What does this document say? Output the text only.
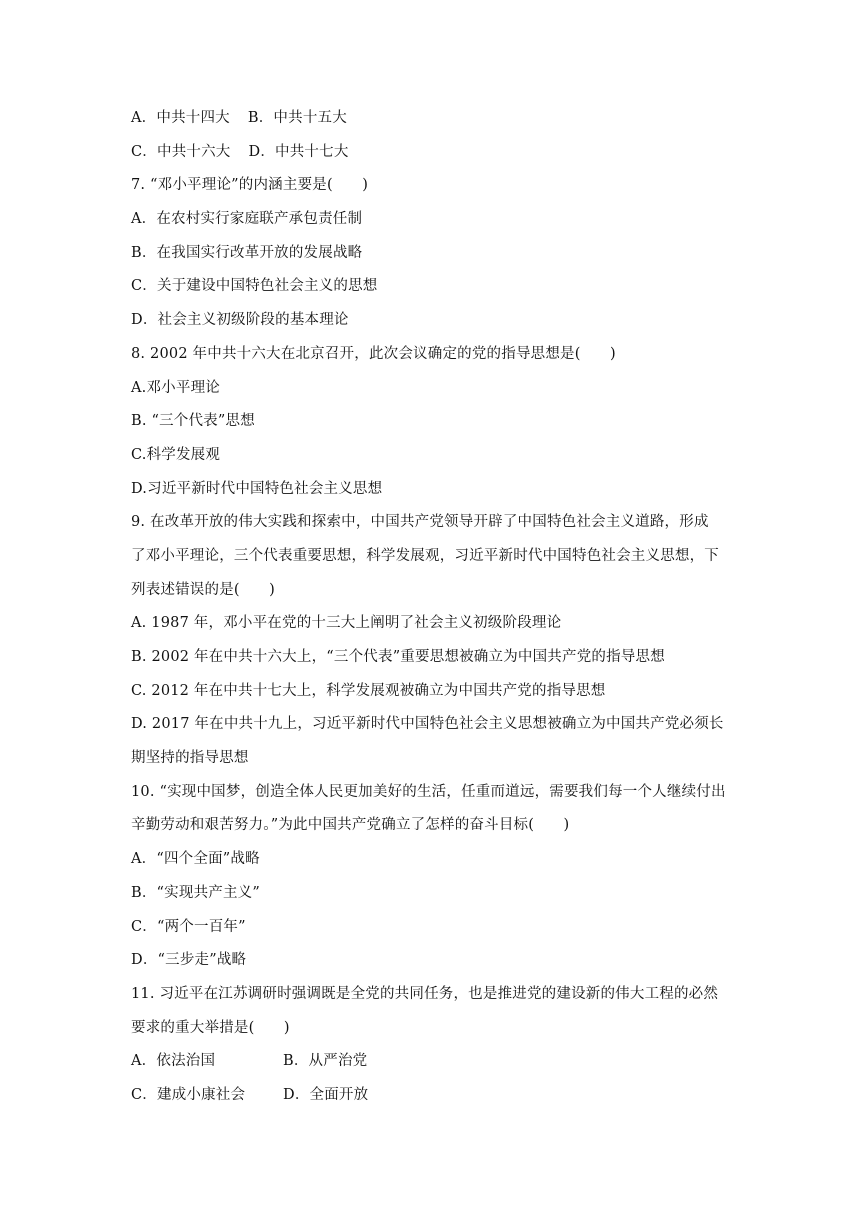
A．中共十四大 B．中共十五大
C．中共十六大 D．中共十七大
7. “邓小平理论”的内涵主要是(　　)
A．在农村实行家庭联产承包责任制
B．在我国实行改革开放的发展战略
C．关于建设中国特色社会主义的思想
D．社会主义初级阶段的基本理论
8. 2002 年中共十六大在北京召开，此次会议确定的党的指导思想是(　　)
A.邓小平理论
B. “三个代表”思想
C.科学发展观
D.习近平新时代中国特色社会主义思想
9. 在改革开放的伟大实践和探索中，中国共产党领导开辟了中国特色社会主义道路，形成
了邓小平理论，三个代表重要思想，科学发展观，习近平新时代中国特色社会主义思想，下
列表述错误的是(　　)
A. 1987 年，邓小平在党的十三大上阐明了社会主义初级阶段理论
B. 2002 年在中共十六大上，“三个代表”重要思想被确立为中国共产党的指导思想
C. 2012 年在中共十七大上，科学发展观被确立为中国共产党的指导思想
D. 2017 年在中共十九上，习近平新时代中国特色社会主义思想被确立为中国共产党必须长
期坚持的指导思想
10. “实现中国梦，创造全体人民更加美好的生活，任重而道远，需要我们每一个人继续付出
辛勤劳动和艰苦努力。”为此中国共产党确立了怎样的奋斗目标(　　)
A．“四个全面”战略
B．“实现共产主义”
C．“两个一百年”
D．“三步走”战略
11. 习近平在江苏调研时强调既是全党的共同任务，也是推进党的建设新的伟大工程的必然
要求的重大举措是(　　)
A．依法治国	B．从严治党
C．建成小康社会	D．全面开放
